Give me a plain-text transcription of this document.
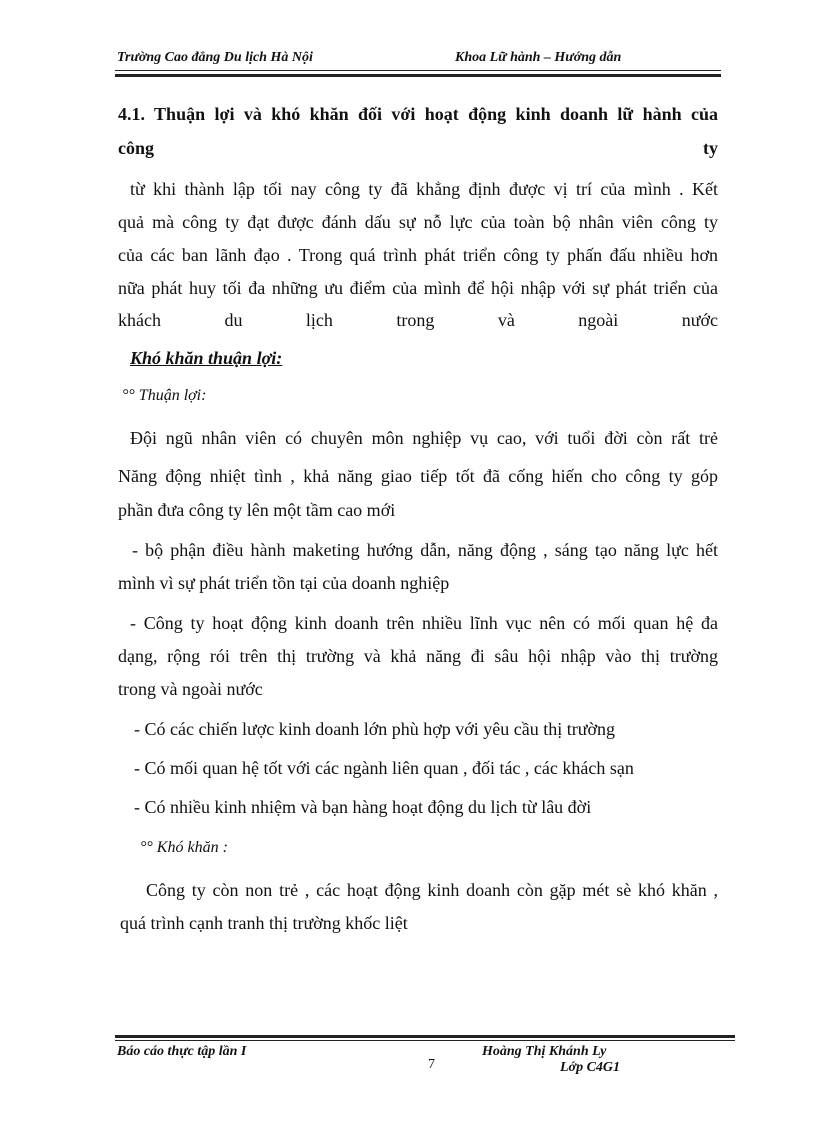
Trường Cao đẳng Du lịch Hà Nội	Khoa Lữ hành – Hướng dẫn
4.1. Thuận lợi và khó khăn đối với hoạt động kinh doanh lữ hành của
công	ty
từ khi thành lập tối nay công ty đã khẳng định được vị trí của mình . Kết
quả mà công ty đạt được đánh dấu sự nỗ lực của toàn bộ nhân viên công ty
của các ban lãnh đạo . Trong quá trình phát triển công ty phấn đấu nhiều hơn
nữa phát huy tối đa những ưu điểm của mình để hội nhập với sự phát triển của
khách du lịch trong và ngoài nước
Khó khăn thuận lợi:
°° Thuận lợi:
Đội ngũ nhân viên có chuyên môn nghiệp vụ cao, với tuổi đời còn rất trẻ
Năng động nhiệt tình , khả năng giao tiếp tốt đã cống hiến cho công ty góp
phần đưa công ty lên một tầm cao mới
- bộ phận điều hành maketing hướng dẫn, năng động , sáng tạo năng lực hết
mình vì sự phát triển tồn tại của doanh nghiệp
- Công ty hoạt động kinh doanh trên nhiều lĩnh vục nên có mối quan hệ đa
dạng, rộng rói trên thị trường và khả năng đi sâu hội nhập vào thị trường
trong và ngoài nước
- Có các chiến lược kinh doanh lớn phù hợp với yêu cầu thị trường
- Có mối quan hệ tốt với các ngành liên quan , đối tác , các khách sạn
- Có nhiều kinh nhiệm và bạn hàng hoạt động du lịch từ lâu đời
°° Khó khăn :
Công ty còn non trẻ , các hoạt động kinh doanh còn gặp mét sè khó khăn ,
quá trình cạnh tranh thị trường khốc liệt
Báo cáo thực tập lần I
7
Hoàng Thị Khánh Ly
Lớp C4G1
